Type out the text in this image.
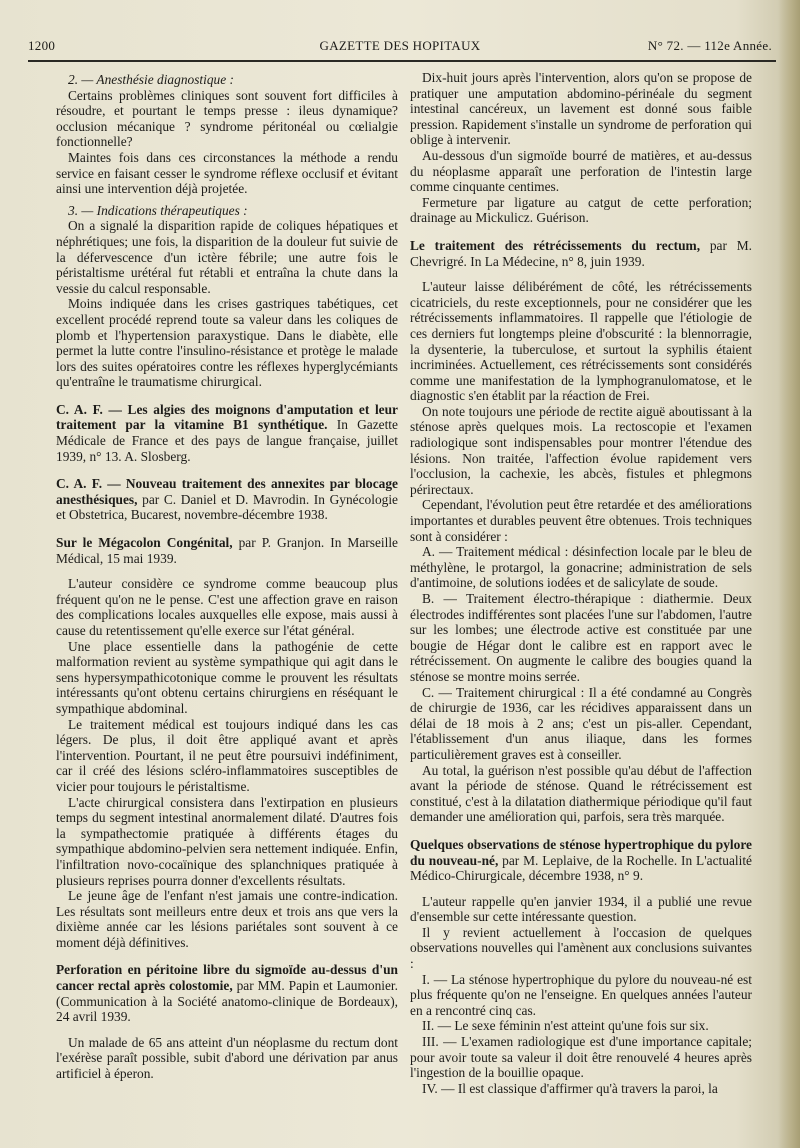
1200	GAZETTE DES HOPITAUX	N° 72. — 112e Année.

2. — Anesthésie diagnostique :

Certains problèmes cliniques sont souvent fort difficiles à résoudre, et pourtant le temps presse : ileus dynamique? occlusion mécanique ? syndrome péritonéal ou cœlialgie fonctionnelle?

Maintes fois dans ces circonstances la méthode a rendu service en faisant cesser le syndrome réflexe occlusif et évitant ainsi une intervention déjà projetée.

3. — Indications thérapeutiques :

On a signalé la disparition rapide de coliques hépatiques et néphrétiques; une fois, la disparition de la douleur fut suivie de la défervescence d'un ictère fébrile; une autre fois le péristaltisme urétéral fut rétabli et entraîna la chute dans la vessie du calcul responsable.

Moins indiquée dans les crises gastriques tabétiques, cet excellent procédé reprend toute sa valeur dans les coliques de plomb et l'hypertension paraxystique. Dans le diabète, elle permet la lutte contre l'insulino-résistance et protège le malade lors des suites opératoires contre les réflexes hyperglycémiants qu'entraîne le traumatisme chirurgical.

C. A. F. — Les algies des moignons d'amputation et leur traitement par la vitamine B1 synthétique. In Gazette Médicale de France et des pays de langue française, juillet 1939, n° 13. A. Slosberg.

C. A. F. — Nouveau traitement des annexites par blocage anesthésiques, par C. Daniel et D. Mavrodin. In Gynécologie et Obstetrica, Bucarest, novembre-décembre 1938.

Sur le Mégacolon Congénital, par P. Granjon. In Marseille Médical, 15 mai 1939.

L'auteur considère ce syndrome comme beaucoup plus fréquent qu'on ne le pense. C'est une affection grave en raison des complications locales auxquelles elle expose, mais aussi à cause du retentissement qu'elle exerce sur l'état général.

Une place essentielle dans la pathogénie de cette malformation revient au système sympathique qui agit dans le sens hypersympathicotonique comme le prouvent les résultats intéressants qu'ont obtenu certains chirurgiens en réséquant le sympathique abdominal.

Le traitement médical est toujours indiqué dans les cas légers. De plus, il doit être appliqué avant et après l'intervention. Pourtant, il ne peut être poursuivi indéfiniment, car il créé des lésions scléro-inflammatoires susceptibles de vicier pour toujours le péristaltisme.

L'acte chirurgical consistera dans l'extirpation en plusieurs temps du segment intestinal anormalement dilaté. D'autres fois la sympathectomie pratiquée à différents étages du sympathique abdomino-pelvien sera nettement indiquée. Enfin, l'infiltration novo-cocaïnique des splanchniques pratiquée à plusieurs reprises pourra donner d'excellents résultats.

Le jeune âge de l'enfant n'est jamais une contre-indication. Les résultats sont meilleurs entre deux et trois ans que vers la dixième année car les lésions pariétales sont souvent à ce moment déjà définitives.

Perforation en péritoine libre du sigmoïde au-dessus d'un cancer rectal après colostomie, par MM. Papin et Laumonier. (Communication à la Société anatomo-clinique de Bordeaux), 24 avril 1939.

Un malade de 65 ans atteint d'un néoplasme du rectum dont l'exérèse paraît possible, subit d'abord une dérivation par anus artificiel à éperon.

Dix-huit jours après l'intervention, alors qu'on se propose de pratiquer une amputation abdomino-périnéale du segment intestinal cancéreux, un lavement est donné sous faible pression. Rapidement s'installe un syndrome de perforation qui oblige à intervenir.

Au-dessous d'un sigmoïde bourré de matières, et au-dessus du néoplasme apparaît une perforation de l'intestin large comme cinquante centimes.

Fermeture par ligature au catgut de cette perforation; drainage au Mickulicz. Guérison.

Le traitement des rétrécissements du rectum, par M. Chevrigré. In La Médecine, n° 8, juin 1939.

L'auteur laisse délibérément de côté, les rétrécissements cicatriciels, du reste exceptionnels, pour ne considérer que les rétrécissements inflammatoires. Il rappelle que l'étiologie de ces derniers fut longtemps pleine d'obscurité : la blennorragie, la dysenterie, la tuberculose, et surtout la syphilis étaient incriminées. Actuellement, ces rétrécissements sont considérés comme une manifestation de la lymphogranulomatose, et le diagnostic s'en établit par la réaction de Frei.

On note toujours une période de rectite aiguë aboutissant à la sténose après quelques mois. La rectoscopie et l'examen radiologique sont indispensables pour montrer l'étendue des lésions. Non traitée, l'affection évolue rapidement vers l'occlusion, la cachexie, les abcès, fistules et phlegmons périrectaux.

Cependant, l'évolution peut être retardée et des améliorations importantes et durables peuvent être obtenues. Trois techniques sont à considérer :

A. — Traitement médical : désinfection locale par le bleu de méthylène, le protargol, la gonacrine; administration de sels d'antimoine, de solutions iodées et de salicylate de soude.

B. — Traitement électro-thérapique : diathermie. Deux électrodes indifférentes sont placées l'une sur l'abdomen, l'autre sur les lombes; une électrode active est constituée par une bougie de Hégar dont le calibre est en rapport avec le rétrécissement. On augmente le calibre des bougies quand la sténose se montre moins serrée.

C. — Traitement chirurgical : Il a été condamné au Congrès de chirurgie de 1936, car les récidives apparaissent dans un délai de 18 mois à 2 ans; c'est un pis-aller. Cependant, l'établissement d'un anus iliaque, dans les formes particulièrement graves est à conseiller.

Au total, la guérison n'est possible qu'au début de l'affection avant la période de sténose. Quand le rétrécissement est constitué, c'est à la dilatation diathermique périodique qu'il faut demander une amélioration qui, parfois, sera très marquée.

Quelques observations de sténose hypertrophique du pylore du nouveau-né, par M. Leplaive, de la Rochelle. In L'actualité Médico-Chirurgicale, décembre 1938, n° 9.

L'auteur rappelle qu'en janvier 1934, il a publié une revue d'ensemble sur cette intéressante question.

Il y revient actuellement à l'occasion de quelques observations nouvelles qui l'amènent aux conclusions suivantes :

I. — La sténose hypertrophique du pylore du nouveau-né est plus fréquente qu'on ne l'enseigne. En quelques années l'auteur en a rencontré cinq cas.

II. — Le sexe féminin n'est atteint qu'une fois sur six.

III. — L'examen radiologique est d'une importance capitale; pour avoir toute sa valeur il doit être renouvelé 4 heures après l'ingestion de la bouillie opaque.

IV. — Il est classique d'affirmer qu'à travers la paroi, la
